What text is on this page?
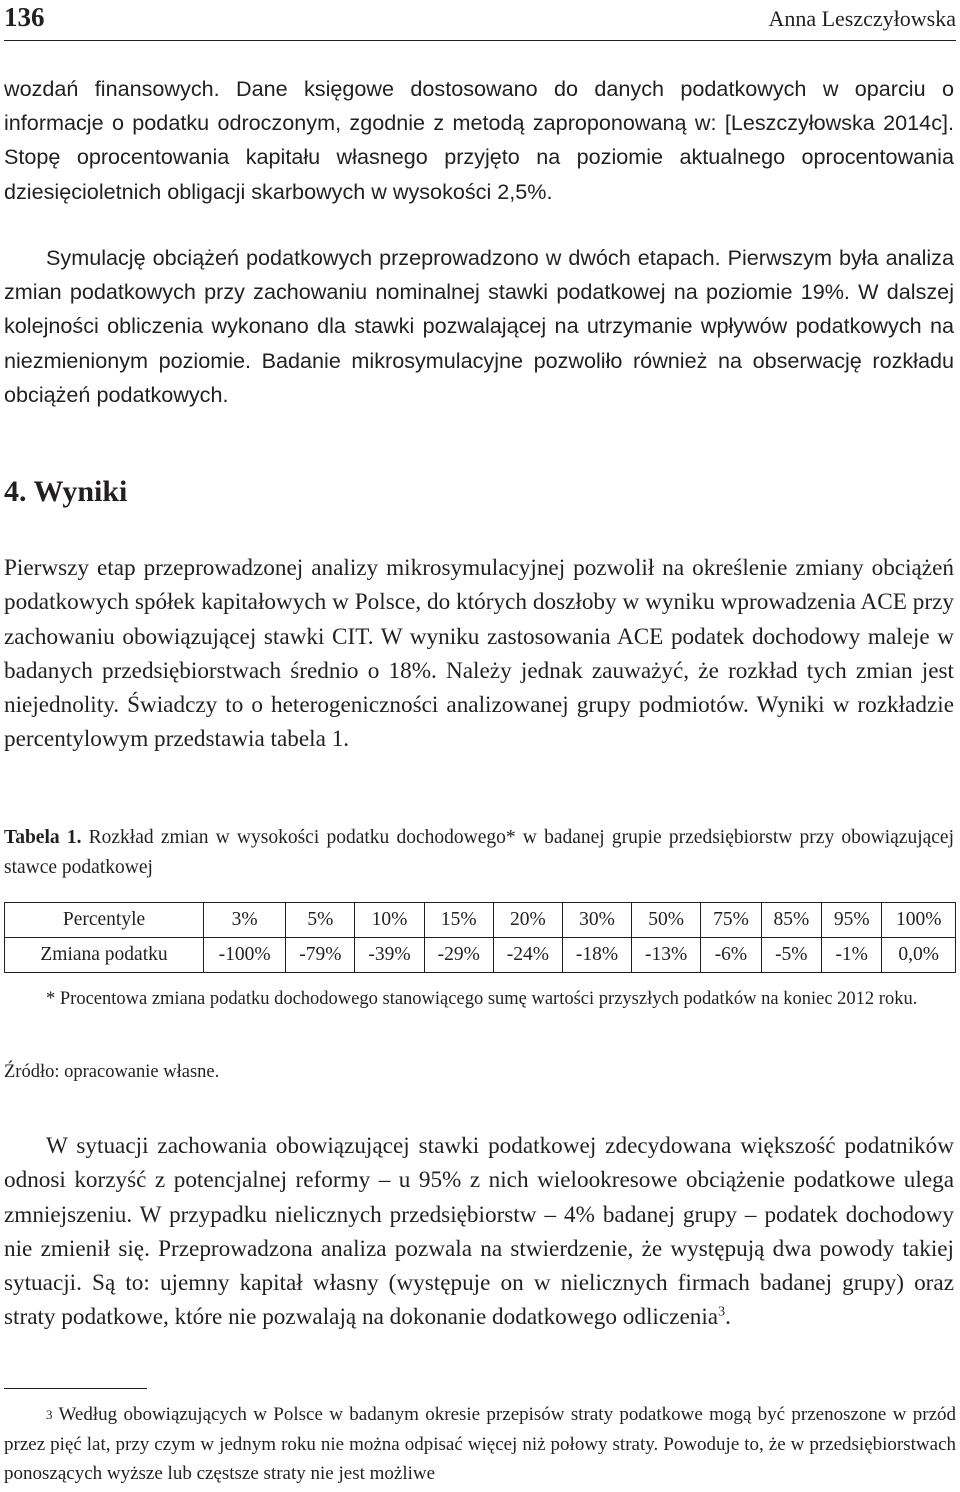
136	Anna Leszczyłowska

wozdań finansowych. Dane księgowe dostosowano do danych podatkowych w oparciu o informacje o podatku odroczonym, zgodnie z metodą zaproponowaną w: [Leszczyłowska 2014c]. Stopę oprocentowania kapitału własnego przyjęto na poziomie aktualnego oprocentowania dziesięcioletnich obligacji skarbowych w wysokości 2,5%.

Symulację obciążeń podatkowych przeprowadzono w dwóch etapach. Pierwszym była analiza zmian podatkowych przy zachowaniu nominalnej stawki podatkowej na poziomie 19%. W dalszej kolejności obliczenia wykonano dla stawki pozwalającej na utrzymanie wpływów podatkowych na niezmienionym poziomie. Badanie mikrosymulacyjne pozwoliło również na obserwację rozkładu obciążeń podatkowych.

4. Wyniki

Pierwszy etap przeprowadzonej analizy mikrosymulacyjnej pozwolił na określenie zmiany obciążeń podatkowych spółek kapitałowych w Polsce, do których doszłoby w wyniku wprowadzenia ACE przy zachowaniu obowiązującej stawki CIT. W wyniku zastosowania ACE podatek dochodowy maleje w badanych przedsiębiorstwach średnio o 18%. Należy jednak zauważyć, że rozkład tych zmian jest niejednolity. Świadczy to o heterogeniczności analizowanej grupy podmiotów. Wyniki w rozkładzie percentylowym przedstawia tabela 1.

Tabela 1. Rozkład zmian w wysokości podatku dochodowego* w badanej grupie przedsiębiorstw przy obowiązującej stawce podatkowej

Percentyle	3%	5%	10%	15%	20%	30%	50%	75%	85%	95%	100%
Zmiana podatku	-100%	-79%	-39%	-29%	-24%	-18%	-13%	-6%	-5%	-1%	0,0%

* Procentowa zmiana podatku dochodowego stanowiącego sumę wartości przyszłych podatków na koniec 2012 roku.

Źródło: opracowanie własne.

W sytuacji zachowania obowiązującej stawki podatkowej zdecydowana większość podatników odnosi korzyść z potencjalnej reformy – u 95% z nich wielookresowe obciążenie podatkowe ulega zmniejszeniu. W przypadku nielicznych przedsiębiorstw – 4% badanej grupy – podatek dochodowy nie zmienił się. Przeprowadzona analiza pozwala na stwierdzenie, że występują dwa powody takiej sytuacji. Są to: ujemny kapitał własny (występuje on w nielicznych firmach badanej grupy) oraz straty podatkowe, które nie pozwalają na dokonanie dodatkowego odliczenia$^3$.

$^3$ Według obowiązujących w Polsce w badanym okresie przepisów straty podatkowe mogą być przenoszone w przód przez pięć lat, przy czym w jednym roku nie można odpisać więcej niż połowy straty. Powoduje to, że w przedsiębiorstwach ponoszących wyższe lub częstsze straty nie jest możliwe
